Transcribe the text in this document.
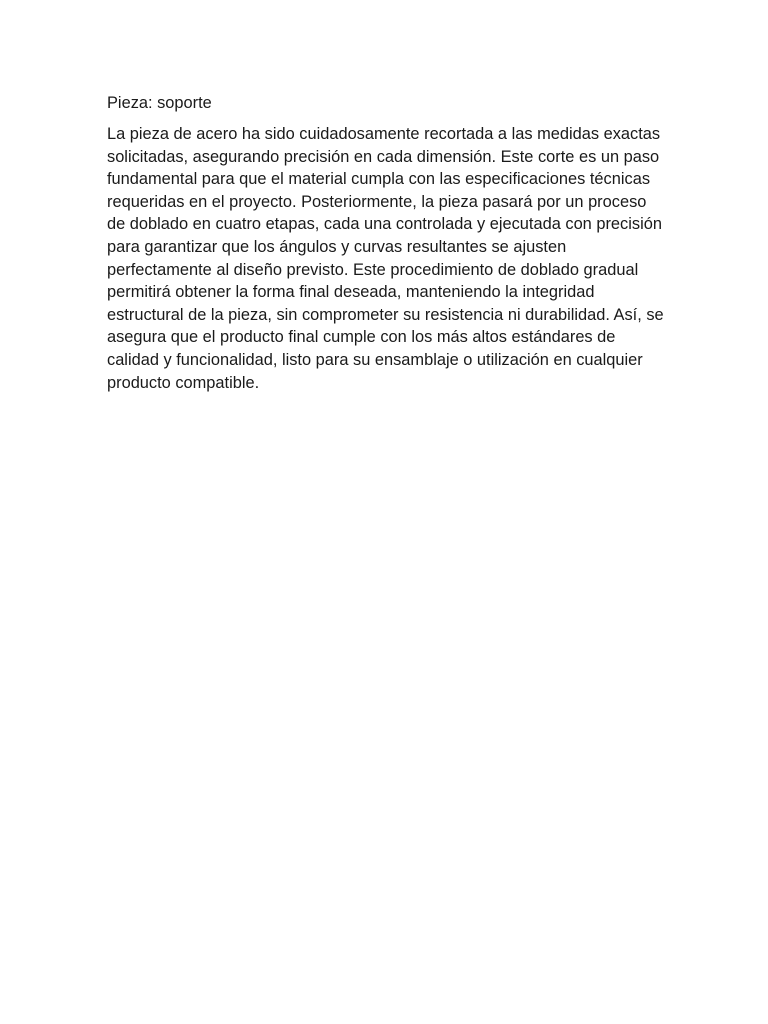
Pieza: soporte

La pieza de acero ha sido cuidadosamente recortada a las medidas exactas solicitadas, asegurando precisión en cada dimensión. Este corte es un paso fundamental para que el material cumpla con las especificaciones técnicas requeridas en el proyecto. Posteriormente, la pieza pasará por un proceso de doblado en cuatro etapas, cada una controlada y ejecutada con precisión para garantizar que los ángulos y curvas resultantes se ajusten perfectamente al diseño previsto. Este procedimiento de doblado gradual permitirá obtener la forma final deseada, manteniendo la integridad estructural de la pieza, sin comprometer su resistencia ni durabilidad. Así, se asegura que el producto final cumple con los más altos estándares de calidad y funcionalidad, listo para su ensamblaje o utilización en cualquier producto compatible.
